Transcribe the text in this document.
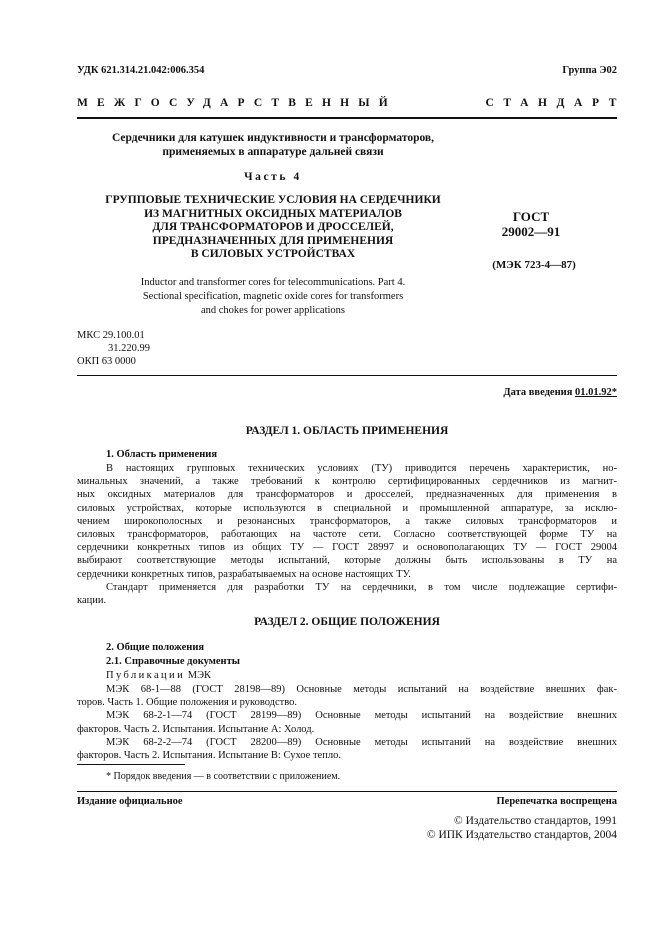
УДК 621.314.21.042:006.354	Группа Э02
МЕЖГОСУДАРСТВЕННЫЙ	СТАНДАРТ
Сердечники для катушек индуктивности и трансформаторов,
применяемых в аппаратуре дальней связи
Часть 4
ГРУППОВЫЕ ТЕХНИЧЕСКИЕ УСЛОВИЯ НА СЕРДЕЧНИКИ
ИЗ МАГНИТНЫХ ОКСИДНЫХ МАТЕРИАЛОВ
ДЛЯ ТРАНСФОРМАТОРОВ И ДРОССЕЛЕЙ,
ПРЕДНАЗНАЧЕННЫХ ДЛЯ ПРИМЕНЕНИЯ
В СИЛОВЫХ УСТРОЙСТВАХ
ГОСТ
29002—91
(МЭК 723-4—87)
Inductor and transformer cores for telecommunications. Part 4.
Sectional specification, magnetic oxide cores for transformers
and chokes for power applications
МКС 29.100.01
31.220.99
ОКП 63 0000
Дата введения 01.01.92*
РАЗДЕЛ 1. ОБЛАСТЬ ПРИМЕНЕНИЯ
1. Область применения
В настоящих групповых технических условиях (ТУ) приводится перечень характеристик, но-
минальных значений, а также требований к контролю сертифицированных сердечников из магнит-
ных оксидных материалов для трансформаторов и дросселей, предназначенных для применения в
силовых устройствах, которые используются в специальной и промышленной аппаратуре, за исклю-
чением широкополосных и резонансных трансформаторов, а также силовых трансформаторов и
силовых трансформаторов, работающих на частоте сети. Согласно соответствующей форме ТУ на
сердечники конкретных типов из общих ТУ — ГОСТ 28997 и основополагающих ТУ — ГОСТ 29004
выбирают соответствующие методы испытаний, которые должны быть использованы в ТУ на
сердечники конкретных типов, разрабатываемых на основе настоящих ТУ.
Стандарт применяется для разработки ТУ на сердечники, в том числе подлежащие сертифи-
кации.
РАЗДЕЛ 2. ОБЩИЕ ПОЛОЖЕНИЯ
2. Общие положения
2.1. Справочные документы
Публикации МЭК
МЭК 68-1—88 (ГОСТ 28198—89) Основные методы испытаний на воздействие внешних фак-
торов. Часть 1. Общие положения и руководство.
МЭК 68-2-1—74 (ГОСТ 28199—89) Основные методы испытаний на воздействие внешних
факторов. Часть 2. Испытания. Испытание А: Холод.
МЭК 68-2-2—74 (ГОСТ 28200—89) Основные методы испытаний на воздействие внешних
факторов. Часть 2. Испытания. Испытание В: Сухое тепло.
* Порядок введения — в соответствии с приложением.
Издание официальное	Перепечатка воспрещена
© Издательство стандартов, 1991
© ИПК Издательство стандартов, 2004
